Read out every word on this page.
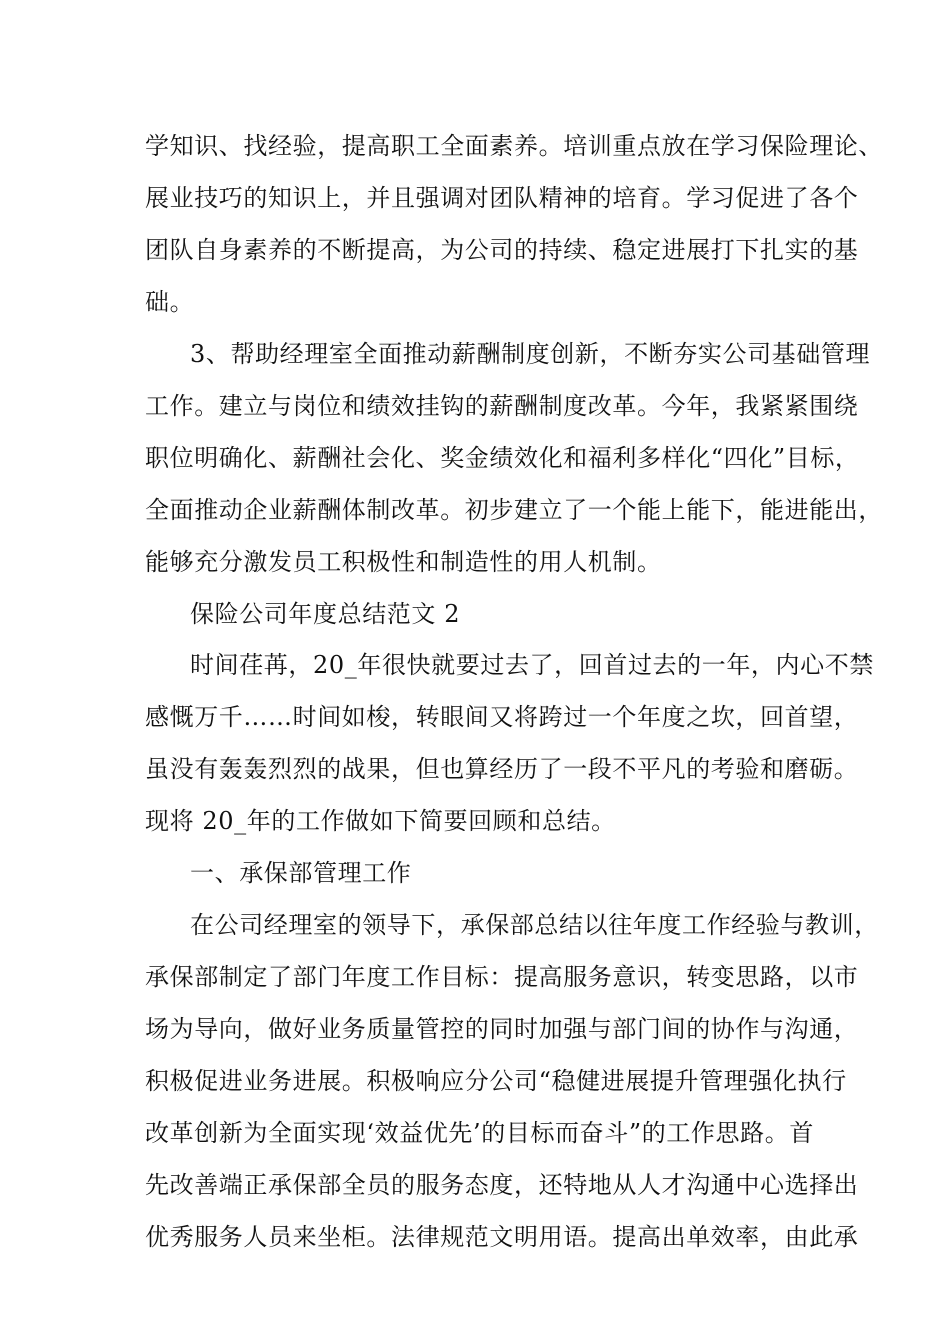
学知识、找经验，提高职工全面素养。培训重点放在学习保险理论、
展业技巧的知识上，并且强调对团队精神的培育。学习促进了各个
团队自身素养的不断提高，为公司的持续、稳定进展打下扎实的基
础。
3、帮助经理室全面推动薪酬制度创新，不断夯实公司基础管理
工作。建立与岗位和绩效挂钩的薪酬制度改革。今年，我紧紧围绕
职位明确化、薪酬社会化、奖金绩效化和福利多样化“四化”目标，
全面推动企业薪酬体制改革。初步建立了一个能上能下，能进能出，
能够充分激发员工积极性和制造性的用人机制。
保险公司年度总结范文 2
时间荏苒，20_年很快就要过去了，回首过去的一年，内心不禁
感慨万千……时间如梭，转眼间又将跨过一个年度之坎，回首望，
虽没有轰轰烈烈的战果，但也算经历了一段不平凡的考验和磨砺。
现将 20_年的工作做如下简要回顾和总结。
一、承保部管理工作
在公司经理室的领导下，承保部总结以往年度工作经验与教训，
承保部制定了部门年度工作目标：提高服务意识，转变思路，以市
场为导向，做好业务质量管控的同时加强与部门间的协作与沟通，
积极促进业务进展。积极响应分公司“稳健进展提升管理强化执行
改革创新为全面实现‘效益优先’的目标而奋斗”的工作思路。首
先改善端正承保部全员的服务态度，还特地从人才沟通中心选择出
优秀服务人员来坐柜。法律规范文明用语。提高出单效率，由此承
